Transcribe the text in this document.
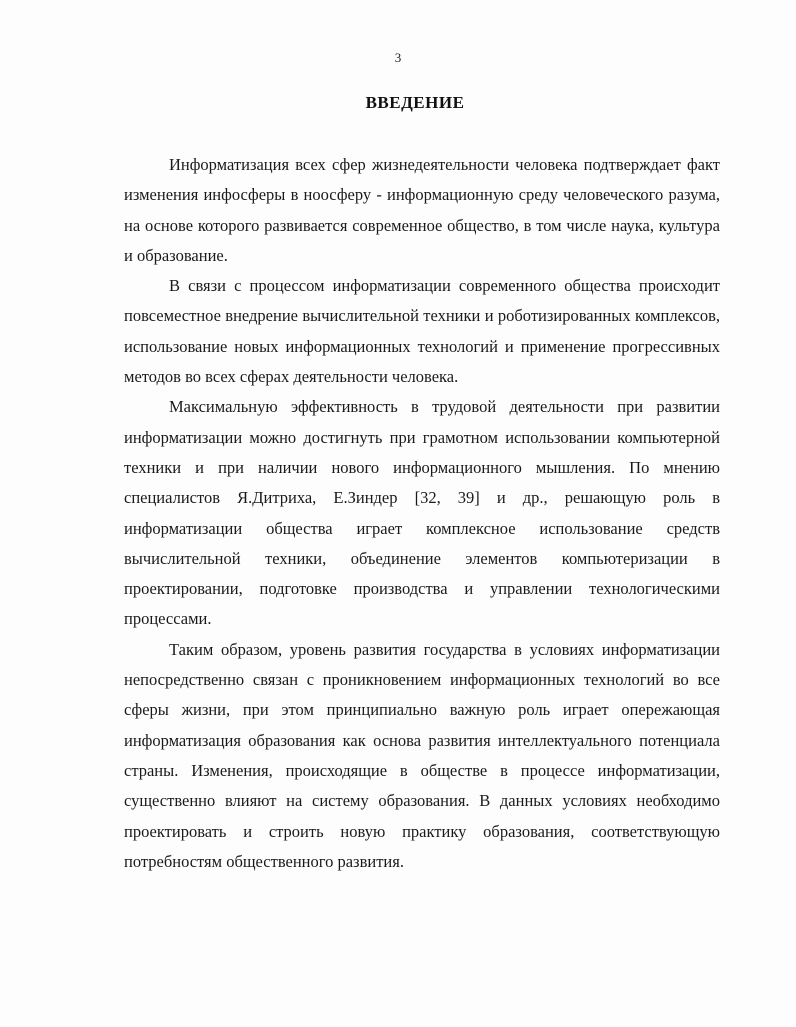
3
ВВЕДЕНИЕ

Информатизация всех сфер жизнедеятельности человека подтверждает факт изменения инфосферы в ноосферу - информационную среду человеческого разума, на основе которого развивается современное общество, в том числе наука, культура и образование.

В связи с процессом информатизации современного общества происходит повсеместное внедрение вычислительной техники и роботизированных комплексов, использование новых информационных технологий и применение прогрессивных методов во всех сферах деятельности человека.

Максимальную эффективность в трудовой деятельности при развитии информатизации можно достигнуть при грамотном использовании компьютерной техники и при наличии нового информационного мышления. По мнению специалистов Я.Дитриха, Е.Зиндер [32, 39] и др., решающую роль в информатизации общества играет комплексное использование средств вычислительной техники, объединение элементов компьютеризации в проектировании, подготовке производства и управлении технологическими процессами.

Таким образом, уровень развития государства в условиях информатизации непосредственно связан с проникновением информационных технологий во все сферы жизни, при этом принципиально важную роль играет опережающая информатизация образования как основа развития интеллектуального потенциала страны. Изменения, происходящие в обществе в процессе информатизации, существенно влияют на систему образования. В данных условиях необходимо проектировать и строить новую практику образования, соответствующую потребностям общественного развития.
